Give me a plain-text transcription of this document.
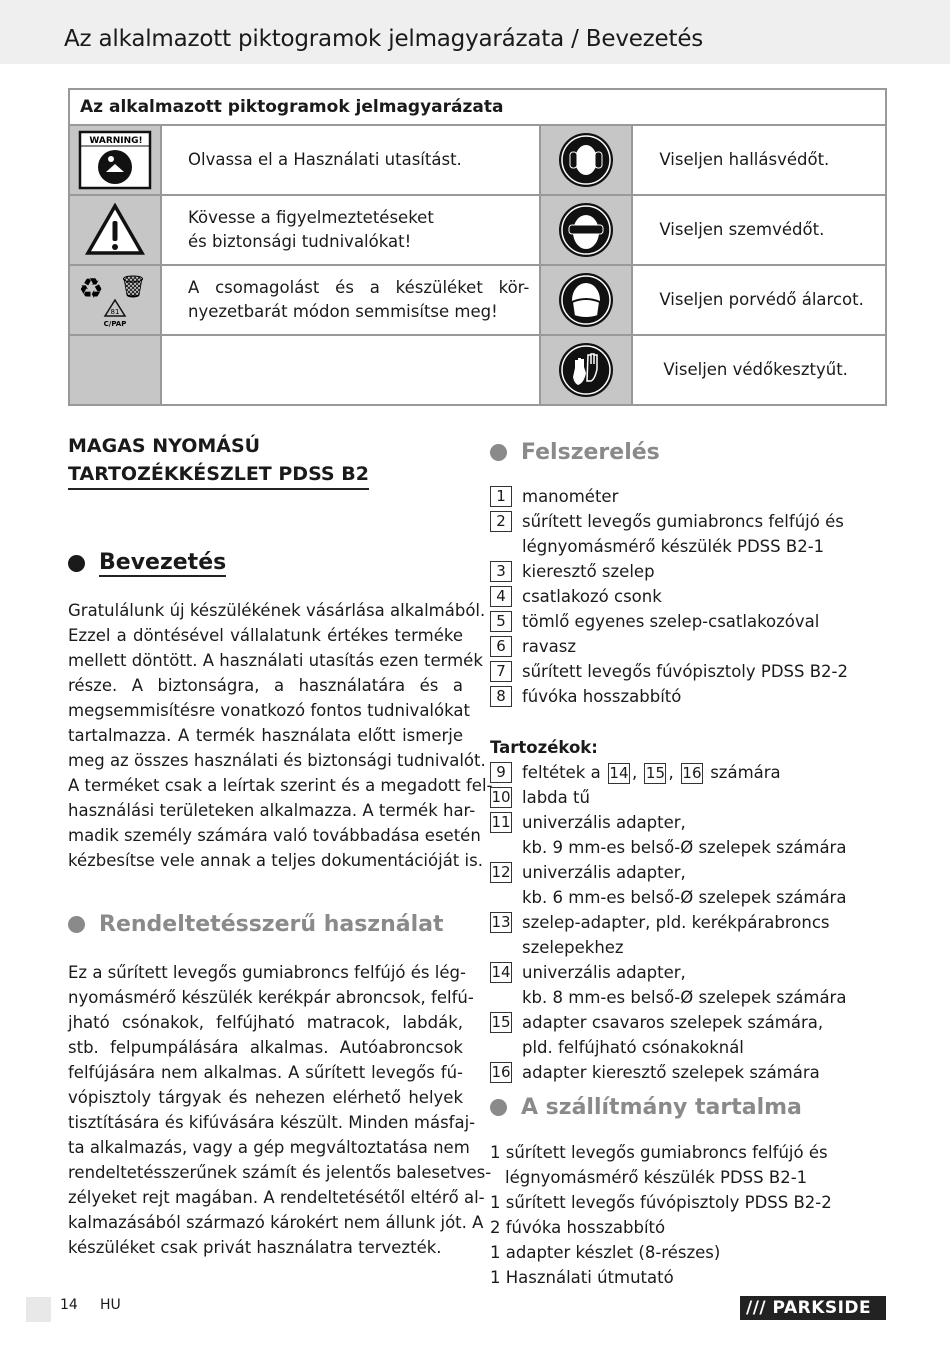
Az alkalmazott piktogramok jelmagyarázata / Bevezetés
Az alkalmazott piktogramok jelmagyarázata			

WARNING!	Olvassa el a Használati utasítást.		Viseljen hallásvédőt.

Kövesse a figyelmeztetéseket
és biztonsági tudnivalókat!		Viseljen szemvédőt.

♻ 🗑
81
C/PAP	A csomagolást és a készüléket kör-
nyezetbarát módon semmisítse meg!		Viseljen porvédő álarcot.

	Viseljen védőkesztyűt.
MAGAS NYOMÁSÚ
TARTOZÉKKÉSZLET PDSS B2
Bevezetés
Gratulálunk új készülékének vásárlása alkalmából.
Ezzel a döntésével vállalatunk értékes terméke
mellett döntött. A használati utasítás ezen termék
része. A biztonságra, a használatára és a
megsemmisítésre vonatkozó fontos tudnivalókat
tartalmazza. A termék használata előtt ismerje
meg az összes használati és biztonsági tudnivalót.
A terméket csak a leírtak szerint és a megadott fel-
használási területeken alkalmazza. A termék har-
madik személy számára való továbbadása esetén
kézbesítse vele annak a teljes dokumentációját is.
Rendeltetésszerű használat
Ez a sűrített levegős gumiabroncs felfújó és lég-
nyomásmérő készülék kerékpár abroncsok, felfú-
jható csónakok, felfújható matracok, labdák,
stb. felpumpálására alkalmas. Autóabroncsok
felfújására nem alkalmas. A sűrített levegős fú-
vópisztoly tárgyak és nehezen elérhető helyek
tisztítására és kifúvására készült. Minden másfaj-
ta alkalmazás, vagy a gép megváltoztatása nem
rendeltetésszerűnek számít és jelentős balesetves-
zélyeket rejt magában. A rendeltetésétől eltérő al-
kalmazásából származó károkért nem állunk jót. A
készüléket csak privát használatra tervezték.
Felszerelés
1 manométer
2 sűrített levegős gumiabroncs felfújó és
légnyomásmérő készülék PDSS B2-1
3 kieresztő szelep
4 csatlakozó csonk
5 tömlő egyenes szelep-csatlakozóval
6 ravasz
7 sűrített levegős fúvópisztoly PDSS B2-2
8 fúvóka hosszabbító
Tartozékok:
9 feltétek a 14 , 15 , 16 számára
10 labda tű
11 univerzális adapter,
kb. 9 mm-es belső-Ø szelepek számára
12 univerzális adapter,
kb. 6 mm-es belső-Ø szelepek számára
13 szelep-adapter, pld. kerékpárabroncs szelepekhez
14 univerzális adapter,
kb. 8 mm-es belső-Ø szelepek számára
15 adapter csavaros szelepek számára,
pld. felfújható csónakoknál
16 adapter kieresztő szelepek számára
A szállítmány tartalma
1 sűrített levegős gumiabroncs felfújó és
légnyomásmérő készülék PDSS B2-1
1 sűrített levegős fúvópisztoly PDSS B2-2
2 fúvóka hosszabbító
1 adapter készlet (8-részes)
1 Használati útmutató
14 HU	/// PARKSIDE
